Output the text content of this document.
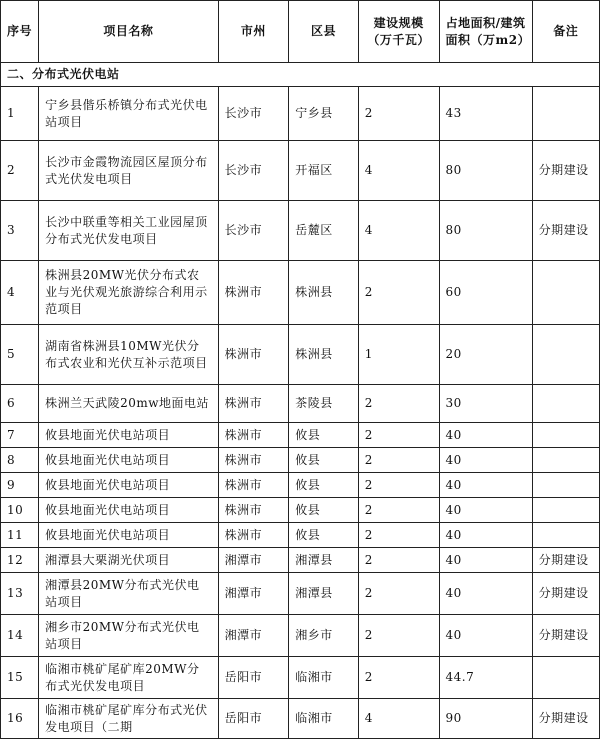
序号	项目名称	市州	区县	建设规模（万千瓦）	占地面积/建筑面积（万m2）	备注
二、分布式光伏电站						
1	宁乡县偕乐桥镇分布式光伏电站项目	长沙市	宁乡县	2	43	
2	长沙市金霞物流园区屋顶分布式光伏发电项目	长沙市	开福区	4	80	分期建设
3	长沙中联重等相关工业园屋顶分布式光伏发电项目	长沙市	岳麓区	4	80	分期建设
4	株洲县20MW光伏分布式农业与光伏观光旅游综合利用示范项目	株洲市	株洲县	2	60	
5	湖南省株洲县10MW光伏分布式农业和光伏互补示范项目	株洲市	株洲县	1	20	
6	株洲兰天武陵20mw地面电站	株洲市	茶陵县	2	30	
7	攸县地面光伏电站项目	株洲市	攸县	2	40	
8	攸县地面光伏电站项目	株洲市	攸县	2	40	
9	攸县地面光伏电站项目	株洲市	攸县	2	40	
10	攸县地面光伏电站项目	株洲市	攸县	2	40	
11	攸县地面光伏电站项目	株洲市	攸县	2	40	
12	湘潭县大栗湖光伏项目	湘潭市	湘潭县	2	40	分期建设
13	湘潭县20MW分布式光伏电站项目	湘潭市	湘潭县	2	40	分期建设
14	湘乡市20MW分布式光伏电站项目	湘潭市	湘乡市	2	40	分期建设
15	临湘市桃矿尾矿库20MW分布式光伏发电项目	岳阳市	临湘市	2	44.7	
16	临湘市桃矿尾矿库分布式光伏发电项目（二期	岳阳市	临湘市	4	90	分期建设
